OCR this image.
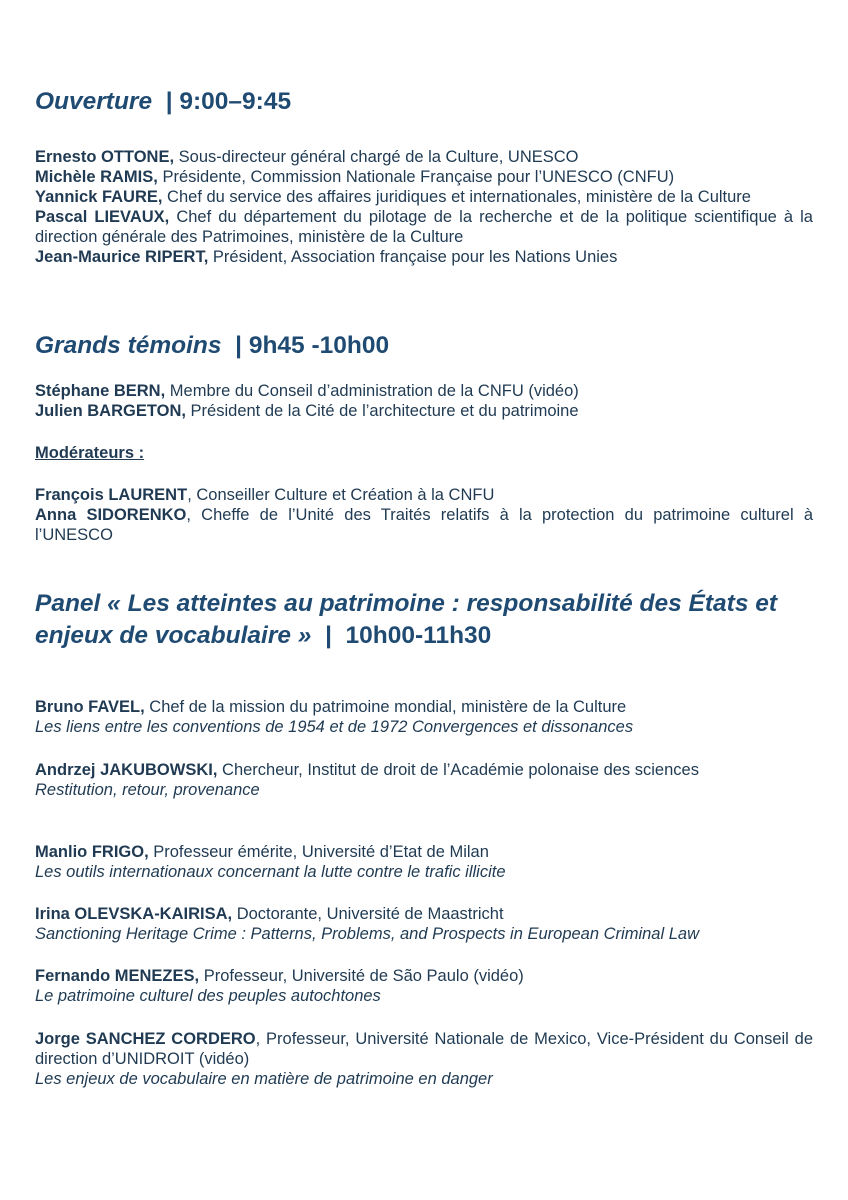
Ouverture | 9:00–9:45
Ernesto OTTONE, Sous-directeur général chargé de la Culture, UNESCO
Michèle RAMIS, Présidente, Commission Nationale Française pour l’UNESCO (CNFU)
Yannick FAURE, Chef du service des affaires juridiques et internationales, ministère de la Culture
Pascal LIEVAUX, Chef du département du pilotage de la recherche et de la politique scientifique à la direction générale des Patrimoines, ministère de la Culture
Jean-Maurice RIPERT, Président, Association française pour les Nations Unies
Grands témoins | 9h45 -10h00
Stéphane BERN, Membre du Conseil d’administration de la CNFU (vidéo)
Julien BARGETON, Président de la Cité de l’architecture et du patrimoine
Modérateurs :
François LAURENT, Conseiller Culture et Création à la CNFU
Anna SIDORENKO, Cheffe de l’Unité des Traités relatifs à la protection du patrimoine culturel à l’UNESCO
Panel « Les atteintes au patrimoine : responsabilité des États et
enjeux de vocabulaire » | 10h00-11h30
Bruno FAVEL, Chef de la mission du patrimoine mondial, ministère de la Culture
Les liens entre les conventions de 1954 et de 1972 Convergences et dissonances
Andrzej JAKUBOWSKI, Chercheur, Institut de droit de l’Académie polonaise des sciences
Restitution, retour, provenance
Manlio FRIGO, Professeur émérite, Université d’Etat de Milan
Les outils internationaux concernant la lutte contre le trafic illicite
Irina OLEVSKA-KAIRISA, Doctorante, Université de Maastricht
Sanctioning Heritage Crime : Patterns, Problems, and Prospects in European Criminal Law
Fernando MENEZES, Professeur, Université de São Paulo (vidéo)
Le patrimoine culturel des peuples autochtones
Jorge SANCHEZ CORDERO, Professeur, Université Nationale de Mexico, Vice-Président du Conseil de direction d’UNIDROIT (vidéo)
Les enjeux de vocabulaire en matière de patrimoine en danger
